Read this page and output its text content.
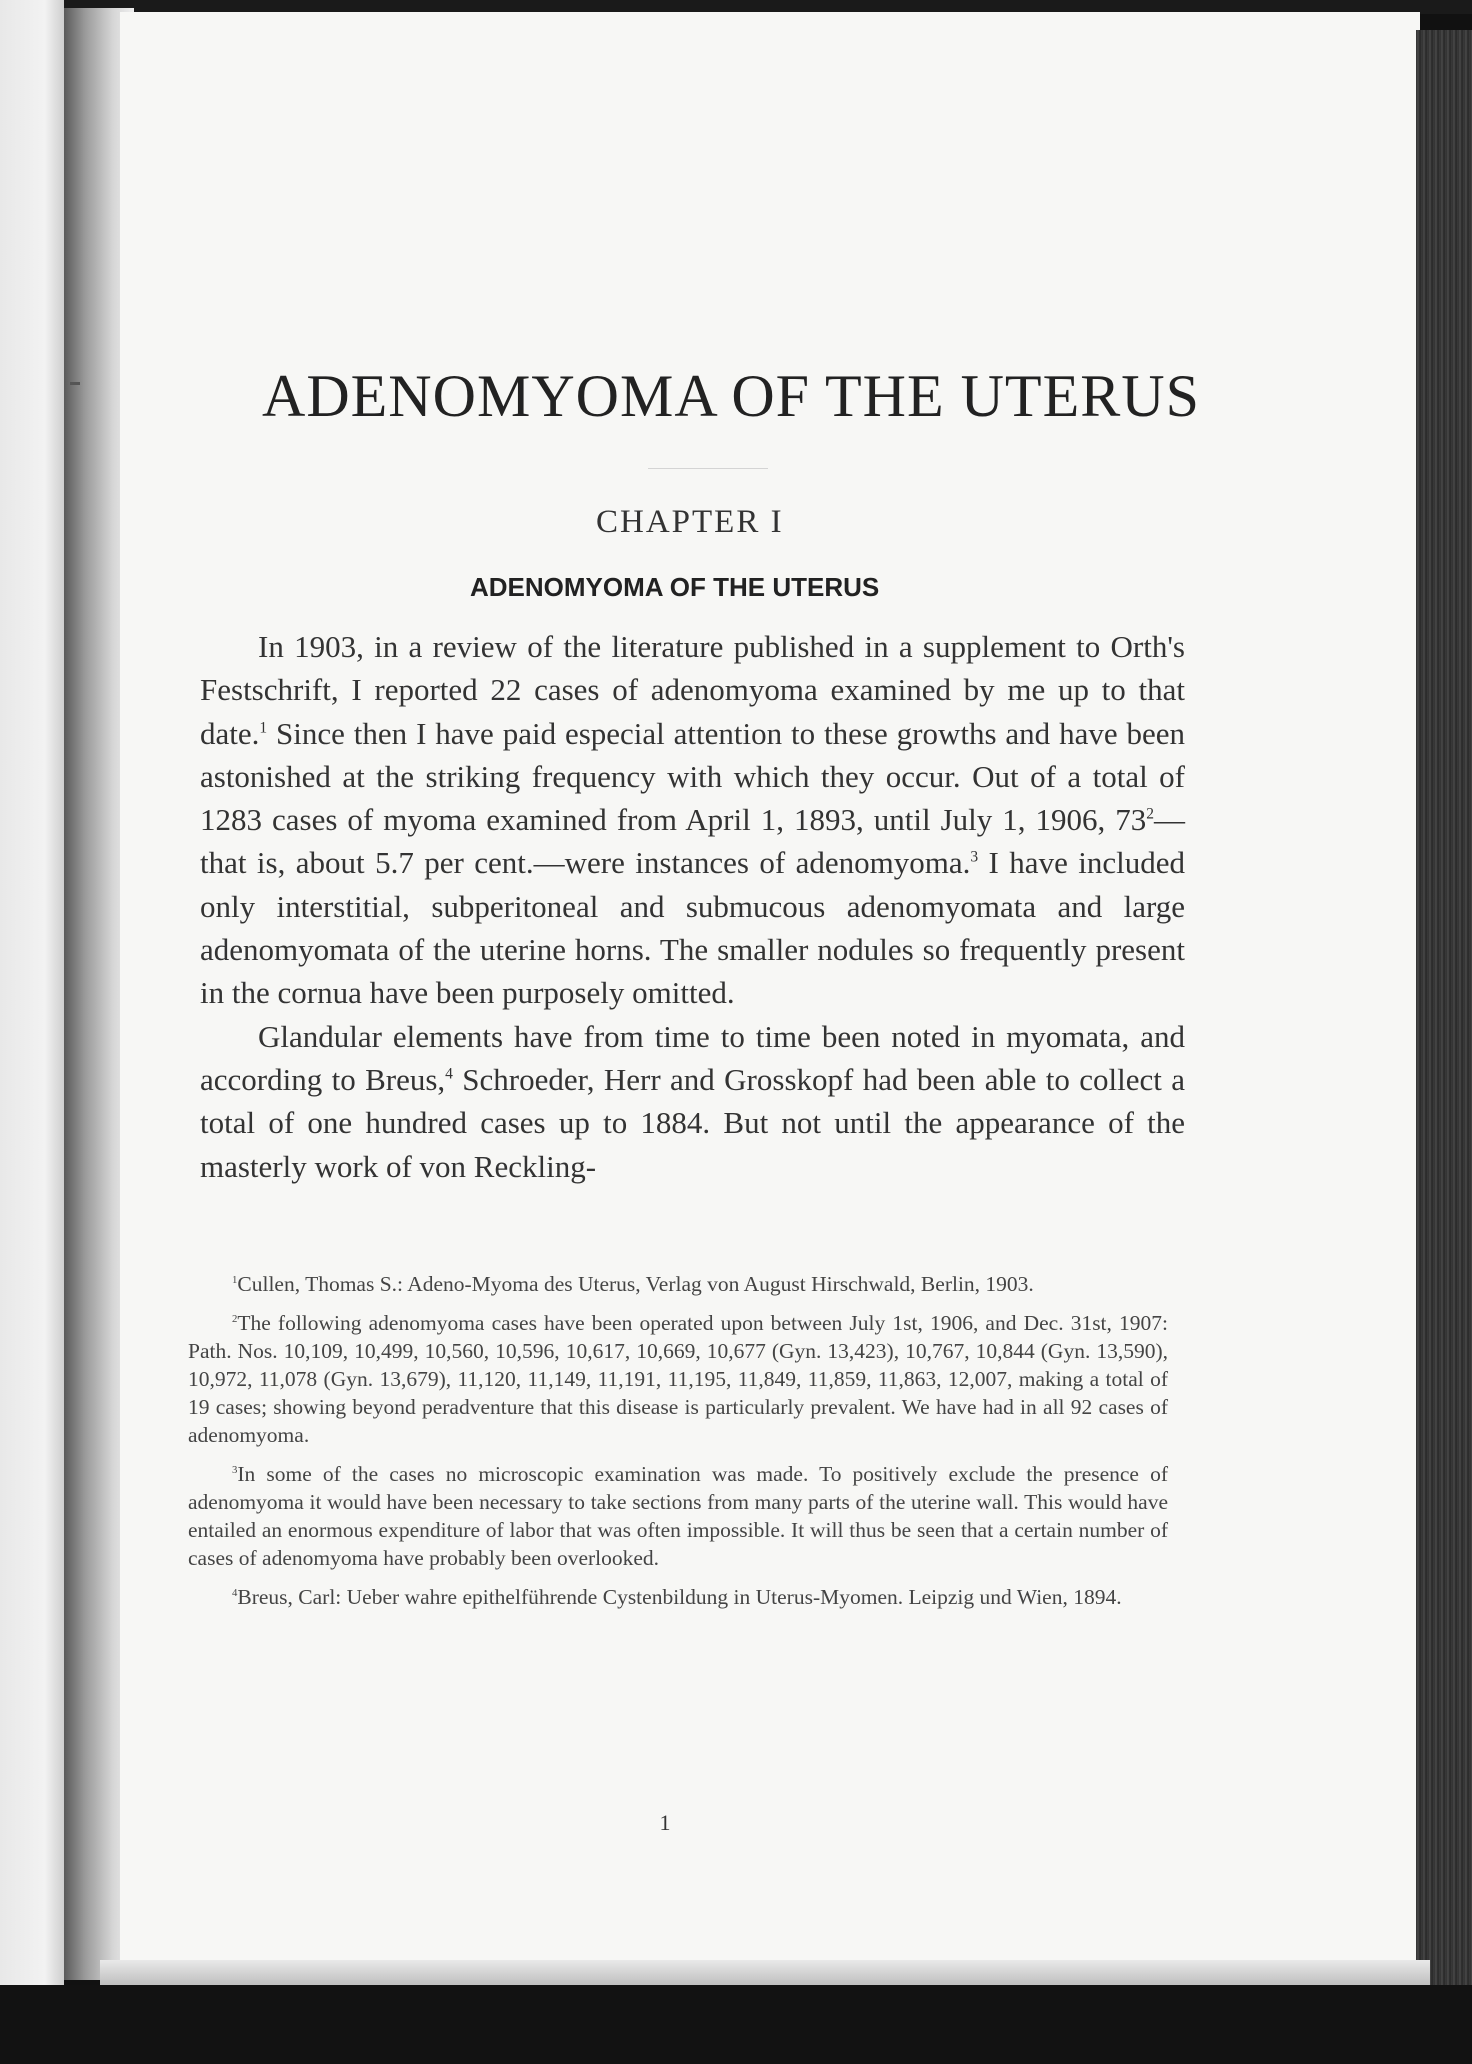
ADENOMYOMA OF THE UTERUS
CHAPTER I
ADENOMYOMA OF THE UTERUS

In 1903, in a review of the literature published in a supplement to Orth's Festschrift, I reported 22 cases of adenomyoma examined by me up to that date.$^1$ Since then I have paid especial attention to these growths and have been astonished at the striking frequency with which they occur. Out of a total of 1283 cases of myoma examined from April 1, 1893, until July 1, 1906, $73^2—that$ is, about 5.7 per cent.—were instances of adenomyoma.$^3$ I have included only interstitial, subperitoneal and submucous adenomyomata and large adenomyomata of the uterine horns. The smaller nodules so frequently present in the cornua have been purposely omitted.

Glandular elements have from time to time been noted in myomata, and according to Breus,$^4$ Schroeder, Herr and Grosskopf had been able to collect a total of one hundred cases up to 1884. But not until the appearance of the masterly work of von Reckling-

$^1$Cullen, Thomas S.: Adeno-Myoma des Uterus, Verlag von August Hirschwald, Berlin, 1903.

$^2$The following adenomyoma cases have been operated upon between July 1st, 1906, and Dec. 31st, 1907: Path. Nos. 10,109, 10,499, 10,560, 10,596, 10,617, 10,669, 10,677 (Gyn. 13,423), 10,767, 10,844 (Gyn. 13,590), 10,972, 11,078 (Gyn. 13,679), 11,120, 11,149, 11,191, 11,195, 11,849, 11,859, 11,863, 12,007, making a total of 19 cases; showing beyond peradventure that this disease is particularly prevalent. We have had in all 92 cases of adenomyoma.

$^3$In some of the cases no microscopic examination was made. To positively exclude the presence of adenomyoma it would have been necessary to take sections from many parts of the uterine wall. This would have entailed an enormous expenditure of labor that was often impossible. It will thus be seen that a certain number of cases of adenomyoma have probably been overlooked.

$^4$Breus, Carl: Ueber wahre epithelführende Cystenbildung in Uterus-Myomen. Leipzig und Wien, 1894.

1
